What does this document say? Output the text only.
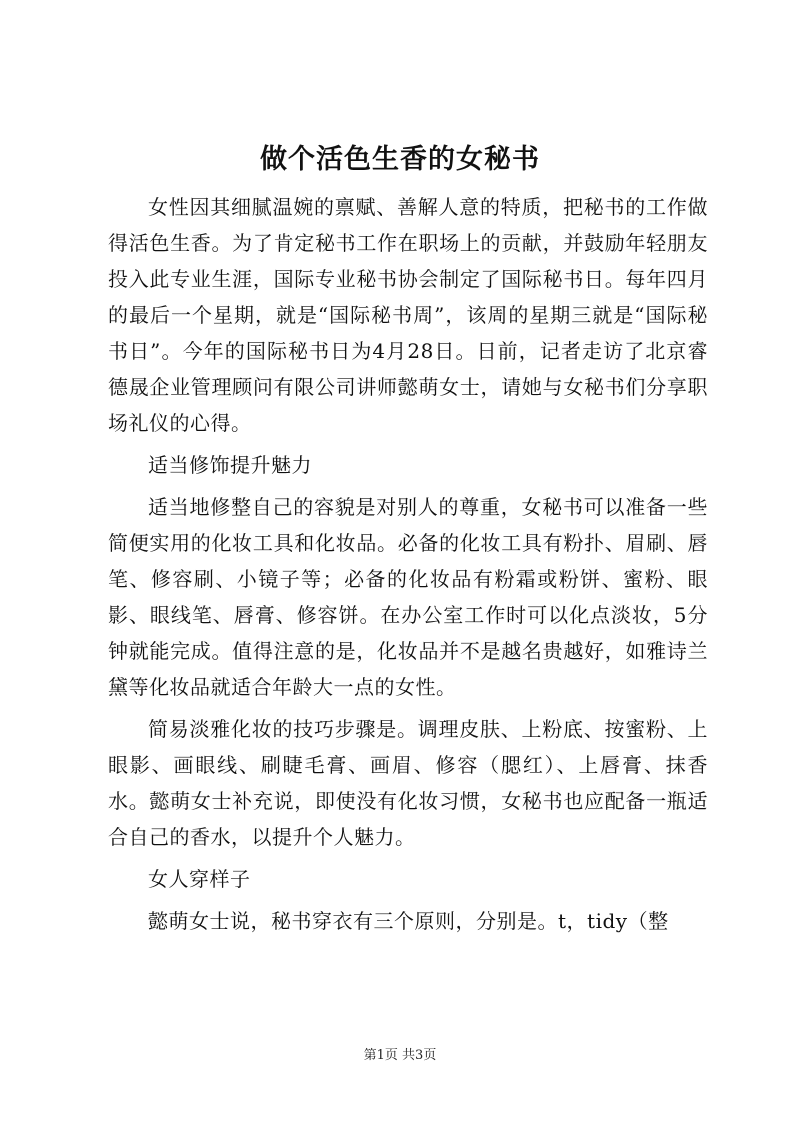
做个活色生香的女秘书

女性因其细腻温婉的禀赋、善解人意的特质，把秘书的工作做得活色生香。为了肯定秘书工作在职场上的贡献，并鼓励年轻朋友投入此专业生涯，国际专业秘书协会制定了国际秘书日。每年四月的最后一个星期，就是“国际秘书周”，该周的星期三就是“国际秘书日”。今年的国际秘书日为4月28日。日前，记者走访了北京睿德晟企业管理顾问有限公司讲师懿萌女士，请她与女秘书们分享职场礼仪的心得。

适当修饰提升魅力

适当地修整自己的容貌是对别人的尊重，女秘书可以准备一些简便实用的化妆工具和化妆品。必备的化妆工具有粉扑、眉刷、唇笔、修容刷、小镜子等；必备的化妆品有粉霜或粉饼、蜜粉、眼影、眼线笔、唇膏、修容饼。在办公室工作时可以化点淡妆，5分钟就能完成。值得注意的是，化妆品并不是越名贵越好，如雅诗兰黛等化妆品就适合年龄大一点的女性。

简易淡雅化妆的技巧步骤是。调理皮肤、上粉底、按蜜粉、上眼影、画眼线、刷睫毛膏、画眉、修容（腮红）、上唇膏、抹香水。懿萌女士补充说，即使没有化妆习惯，女秘书也应配备一瓶适合自己的香水，以提升个人魅力。

女人穿样子

懿萌女士说，秘书穿衣有三个原则，分别是。t，tidy（整

第1页 共3页
